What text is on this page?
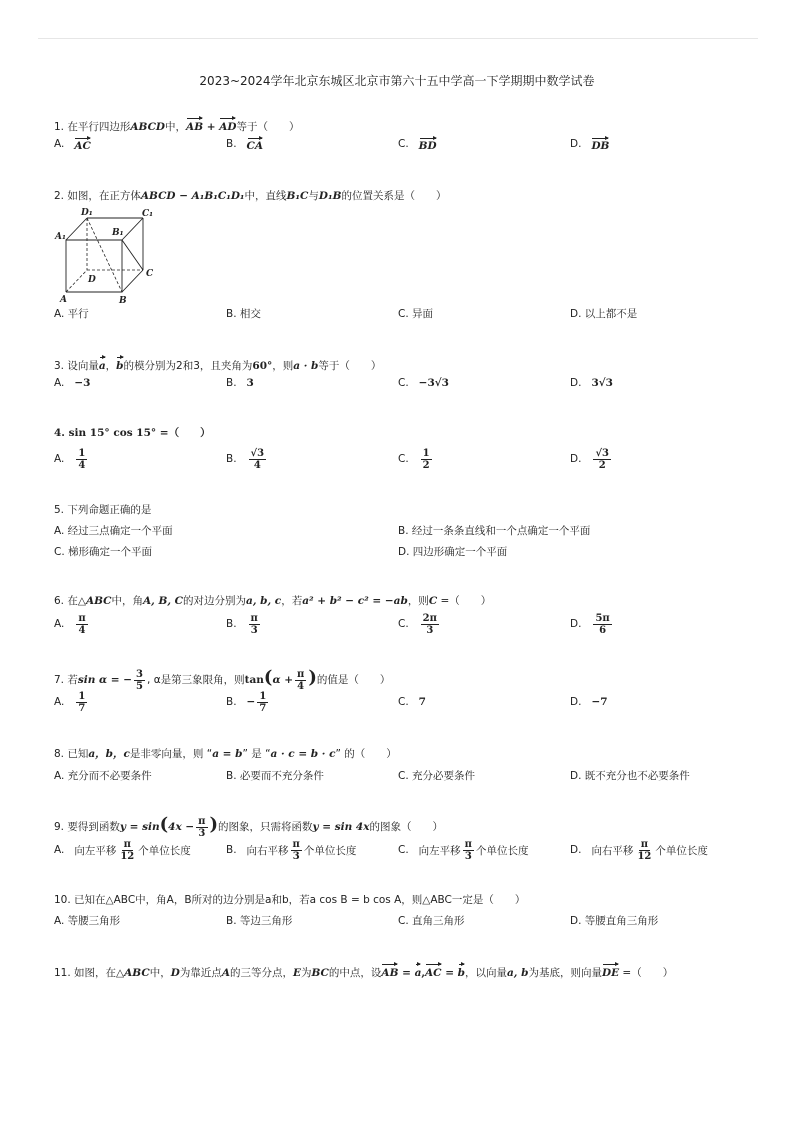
2023~2024学年北京东城区北京市第六十五中学高一下学期期中数学试卷
1. 在平行四边形ABCD中，AB + AD等于（　　）
A. AC	B. CA	C. BD	D. DB
2. 如图，在正方体ABCD − A₁B₁C₁D₁中，直线B₁C与D₁B的位置关系是（　　）
D₁	C₁
A₁	B₁
C
D
A	B
A. 平行	B. 相交	C. 异面	D. 以上都不是
3. 设向量a，b的模分别为2和3，且夹角为60°，则a · b等于（　　）
A. −3	B. 3	C. −3√3	D. 3√3
4. sin 15° cos 15° =（　　）
A. $\frac{1}{4}$	B. $\frac{√3}{4}$	C. $\frac{1}{2}$	D. $\frac{√3}{2}$
5. 下列命题正确的是
A. 经过三点确定一个平面	B. 经过一条条直线和一个点确定一个平面
C. 梯形确定一个平面	D. 四边形确定一个平面
6. 在△ABC中，角A, B, C的对边分别为a, b, c，若a² + b² − c² = −ab，则C =（　　）
A. $\frac{\pi}{4}$	B. $\frac{\pi}{3}$	C. $\frac{2\pi}{3}$	D. $\frac{5\pi}{6}$
7. 若sin α = − $\frac{3}{5}$ , α是第三象限角，则$\tan(\alpha + \frac{\pi}{4}$ )的值是（　　）
A. $\frac{1}{7}$	B. − $\frac{1}{7}$	C. 7	D. −7
8. 已知a，b，c是非零向量，则 “a = b” 是 “a · c = b · c” 的（　　）
A. 充分而不必要条件	B. 必要而不充分条件	C. 充分必要条件	D. 既不充分也不必要条件
9. 要得到函数$y = \sin(4x - \frac{\pi}{3}$ )的图象，只需将函数y = sin 4x的图象（　　）
A. 向左平移 $\frac{\pi}{12}$ 个单位长度	B. 向右平移 $\frac{\pi}{3}$ 个单位长度	C. 向左平移 $\frac{\pi}{3}$ 个单位长度	D. 向右平移 $\frac{\pi}{12}$ 个单位长度
10. 已知在△ABC中，角A，B所对的边分别是a和b，若a cos B = b cos A，则△ABC一定是（　　）
A. 等腰三角形	B. 等边三角形	C. 直角三角形	D. 等腰直角三角形
11. 如图，在△ABC中，D为靠近点A的三等分点，E为BC的中点，设AB = a,AC = b，以向量a, b为基底，则向量DE =（　　）
